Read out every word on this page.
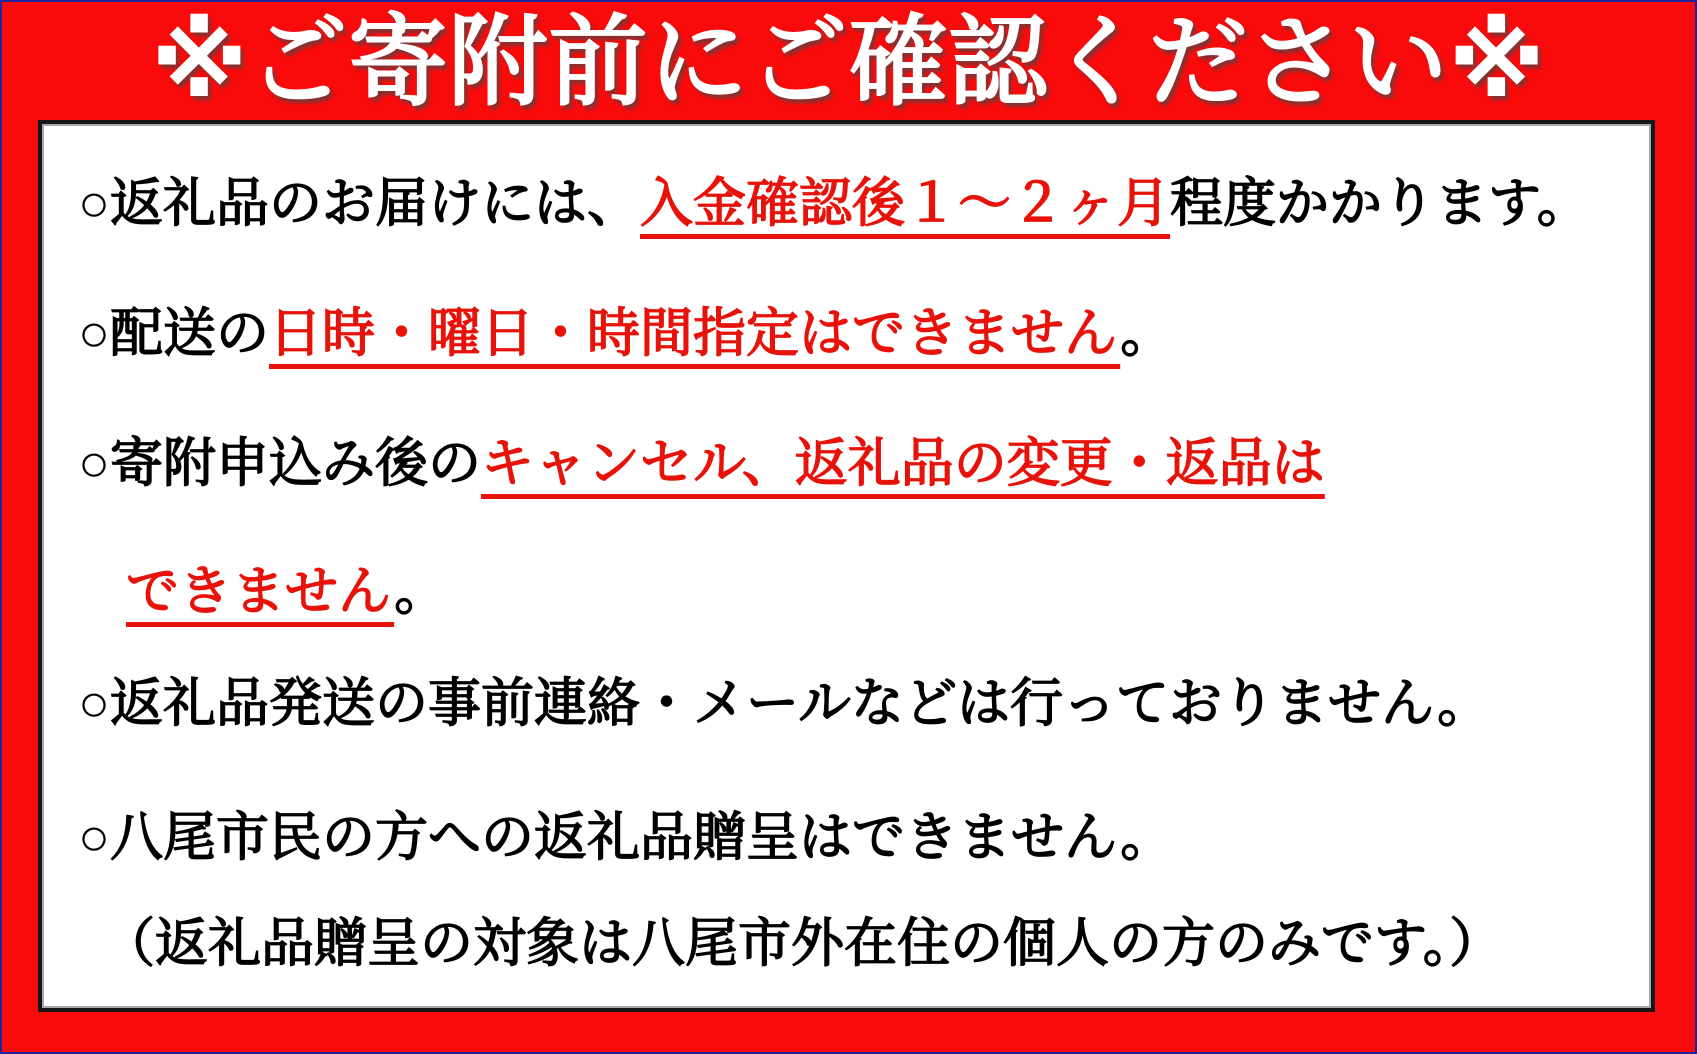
※ご寄附前にご確認ください※
○返礼品のお届けには、入金確認後１～２ヶ月程度かかります。
○配送の日時・曜日・時間指定はできません。
○寄附申込み後のキャンセル、返礼品の変更・返品は
できません。
○返礼品発送の事前連絡・メールなどは行っておりません。
○八尾市民の方への返礼品贈呈はできません。
（返礼品贈呈の対象は八尾市外在住の個人の方のみです。）
